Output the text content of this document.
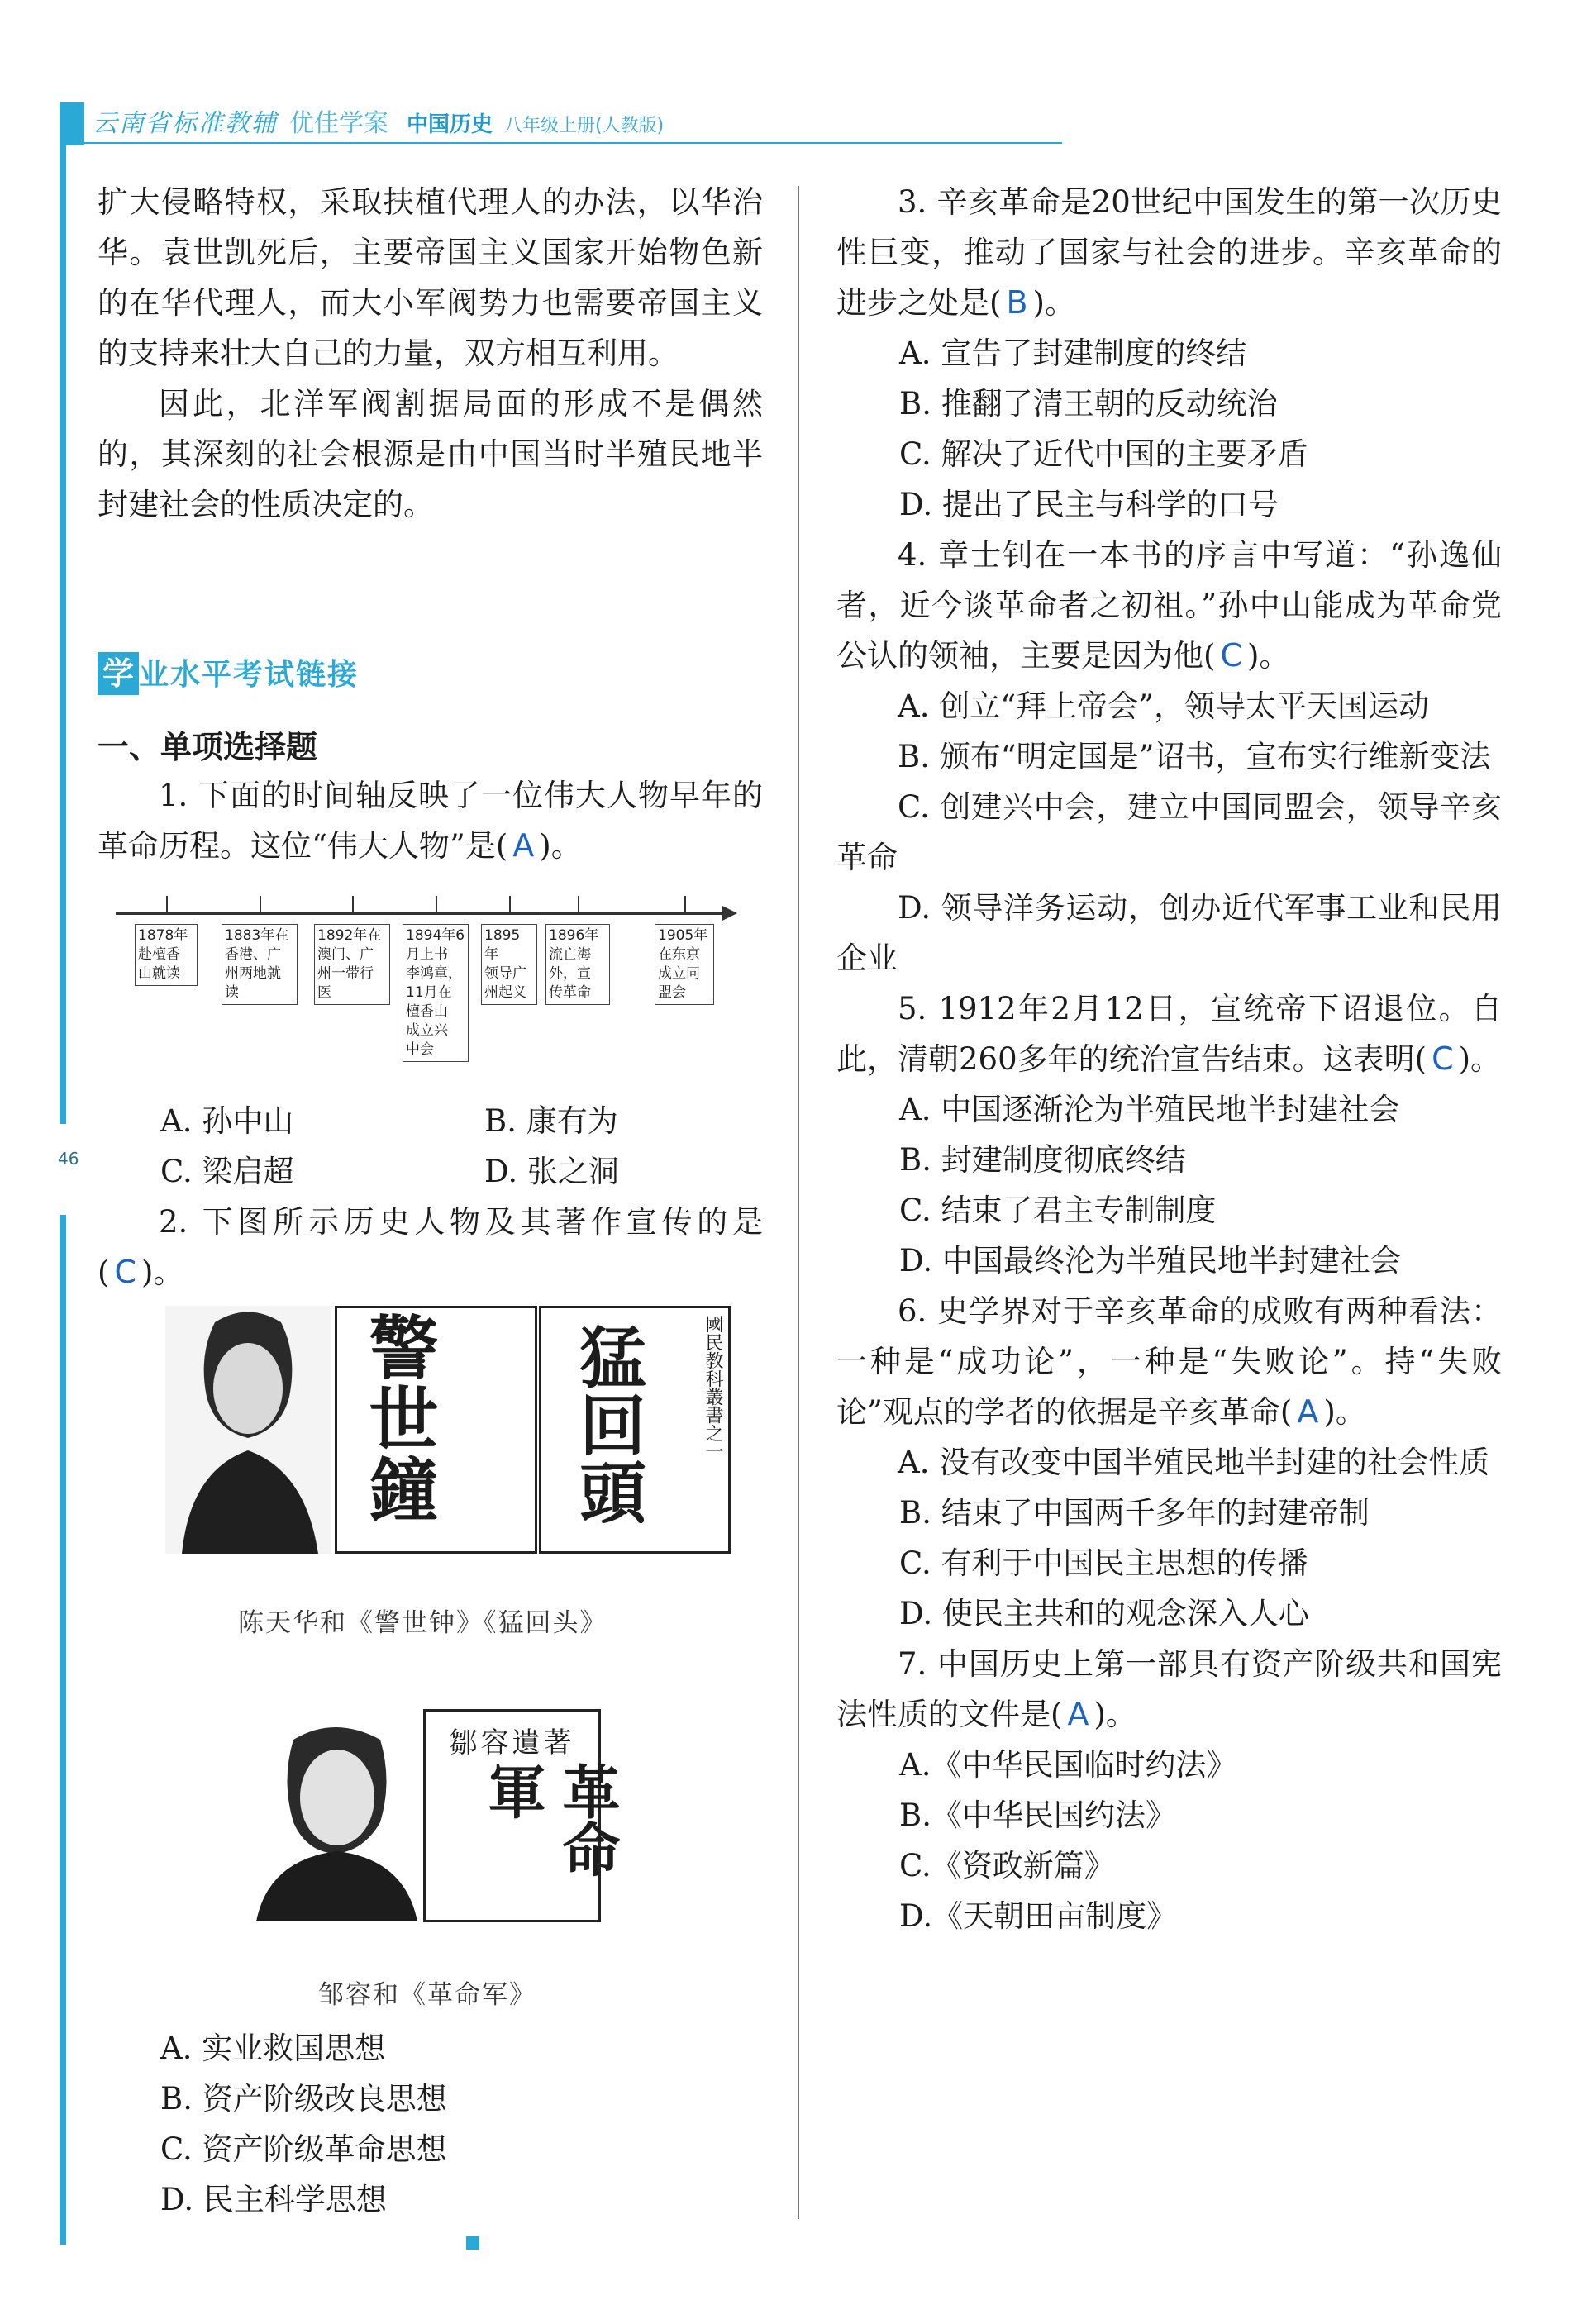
云南省标准教辅 优佳学案 中国历史 八年级上册(人教版)
46

扩大侵略特权，采取扶植代理人的办法，以华治华。袁世凯死后，主要帝国主义国家开始物色新的在华代理人，而大小军阀势力也需要帝国主义的支持来壮大自己的力量，双方相互利用。

因此，北洋军阀割据局面的形成不是偶然的，其深刻的社会根源是由中国当时半殖民地半封建社会的性质决定的。

学 业水平考试链接
一、单项选择题
1. 下面的时间轴反映了一位伟大人物早年的革命历程。这位“伟大人物”是( A )。
1878年
赴檀香
山就读
1883年在
香港、广
州两地就
读
1892年在
澳门、广
州一带行
医
1894年6
月上书
李鸿章，
11月在
檀香山
成立兴
中会
1895年
领导广
州起义
1896年
流亡海
外，宣
传革命
1905年
在东京
成立同
盟会
A. 孙中山	B. 康有为
C. 梁启超	D. 张之洞
2. 下图所示历史人物及其著作宣传的是( C )。
警世鐘	國民教科叢書之一
猛回頭
陈天华和《警世钟》《猛回头》
鄒容遺著
革命軍
邹容和《革命军》
A. 实业救国思想
B. 资产阶级改良思想
C. 资产阶级革命思想
D. 民主科学思想
3. 辛亥革命是20世纪中国发生的第一次历史性巨变，推动了国家与社会的进步。辛亥革命的进步之处是( B )。
A. 宣告了封建制度的终结
B. 推翻了清王朝的反动统治
C. 解决了近代中国的主要矛盾
D. 提出了民主与科学的口号
4. 章士钊在一本书的序言中写道：“孙逸仙者，近今谈革命者之初祖。”孙中山能成为革命党公认的领袖，主要是因为他( C )。
A. 创立“拜上帝会”，领导太平天国运动
B. 颁布“明定国是”诏书，宣布实行维新变法
C. 创建兴中会，建立中国同盟会，领导辛亥革命
D. 领导洋务运动，创办近代军事工业和民用企业
5. 1912年2月12日，宣统帝下诏退位。自此，清朝260多年的统治宣告结束。这表明( C )。
A. 中国逐渐沦为半殖民地半封建社会
B. 封建制度彻底终结
C. 结束了君主专制制度
D. 中国最终沦为半殖民地半封建社会
6. 史学界对于辛亥革命的成败有两种看法：一种是“成功论”，一种是“失败论”。持“失败论”观点的学者的依据是辛亥革命( A )。
A. 没有改变中国半殖民地半封建的社会性质
B. 结束了中国两千多年的封建帝制
C. 有利于中国民主思想的传播
D. 使民主共和的观念深入人心
7. 中国历史上第一部具有资产阶级共和国宪法性质的文件是( A )。
A.《中华民国临时约法》
B.《中华民国约法》
C.《资政新篇》
D.《天朝田亩制度》
